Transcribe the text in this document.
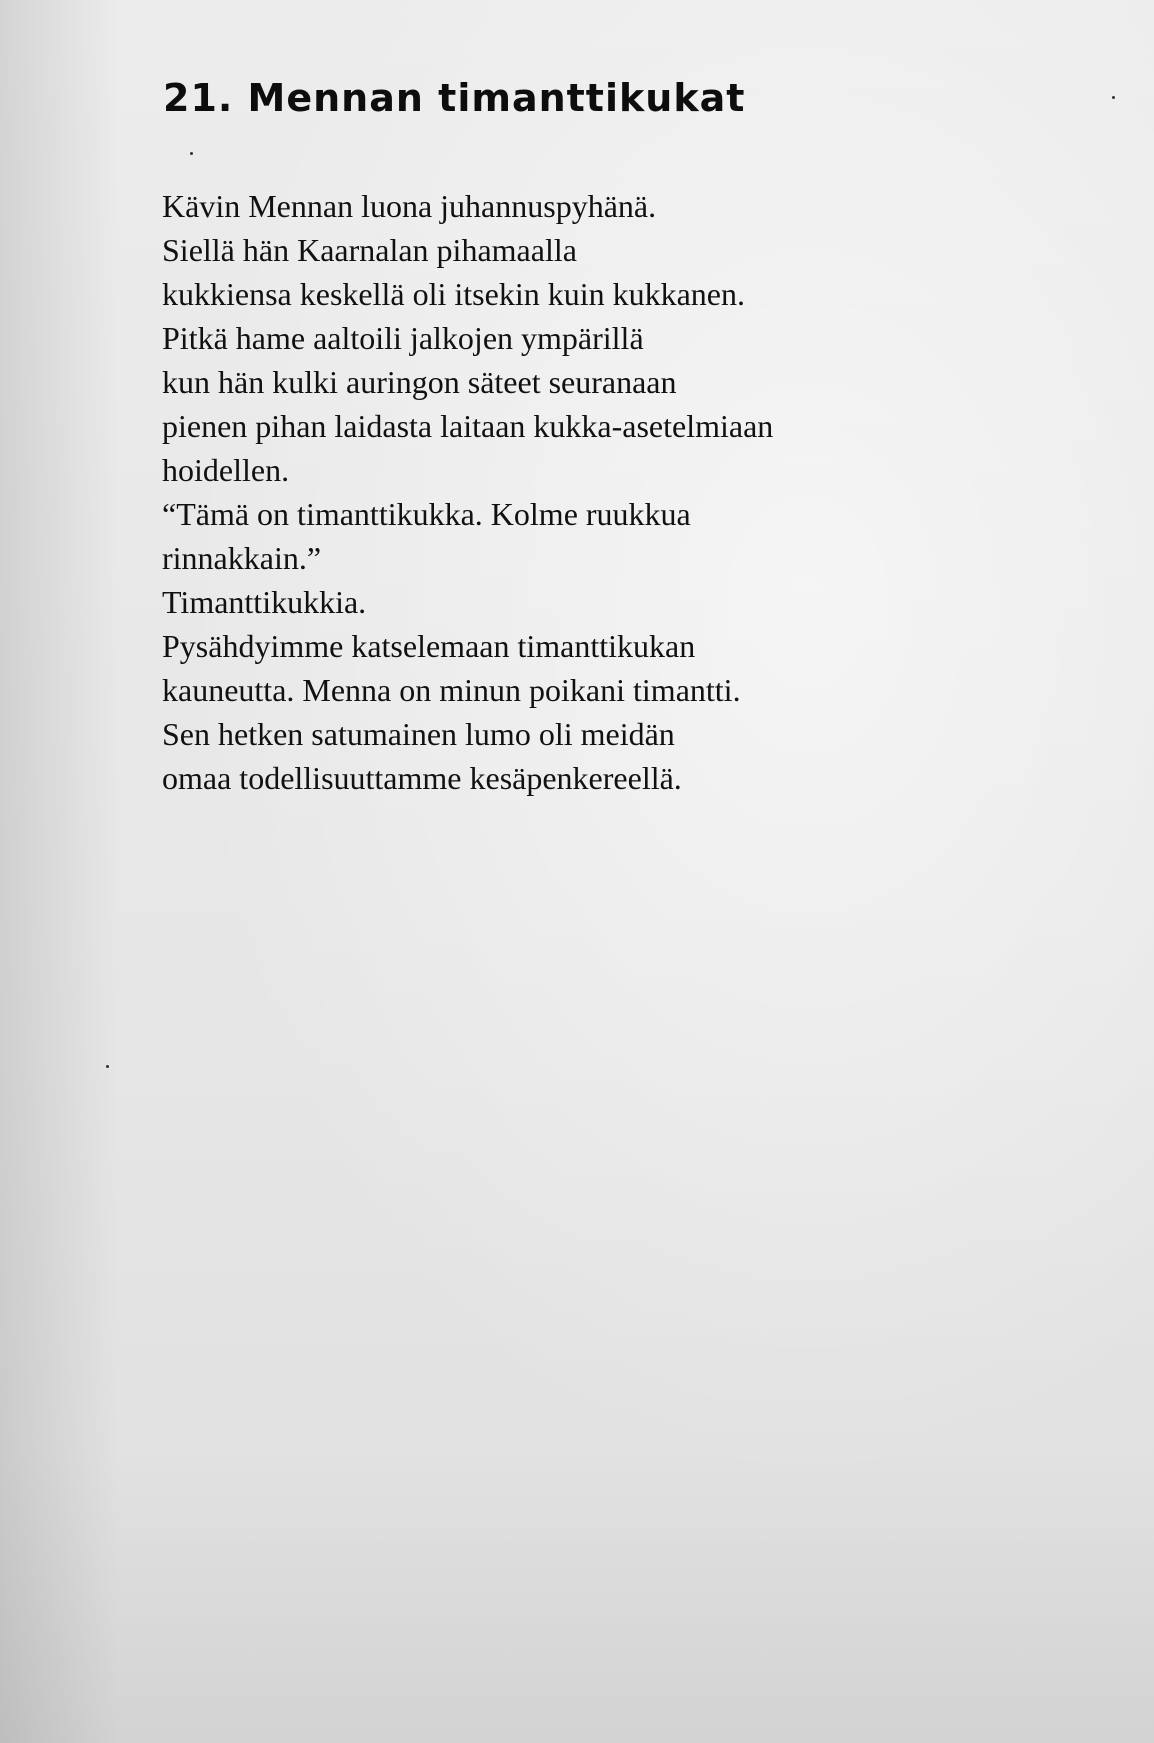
21. Mennan timanttikukat
Kävin Mennan luona juhannuspyhänä.
Siellä hän Kaarnalan pihamaalla
kukkiensa keskellä oli itsekin kuin kukkanen.
Pitkä hame aaltoili jalkojen ympärillä
kun hän kulki auringon säteet seuranaan
pienen pihan laidasta laitaan kukka-asetelmiaan
hoidellen.
“Tämä on timanttikukka. Kolme ruukkua
rinnakkain.”
Timanttikukkia.
Pysähdyimme katselemaan timanttikukan
kauneutta. Menna on minun poikani timantti.
Sen hetken satumainen lumo oli meidän
omaa todellisuuttamme kesäpenkereellä.
